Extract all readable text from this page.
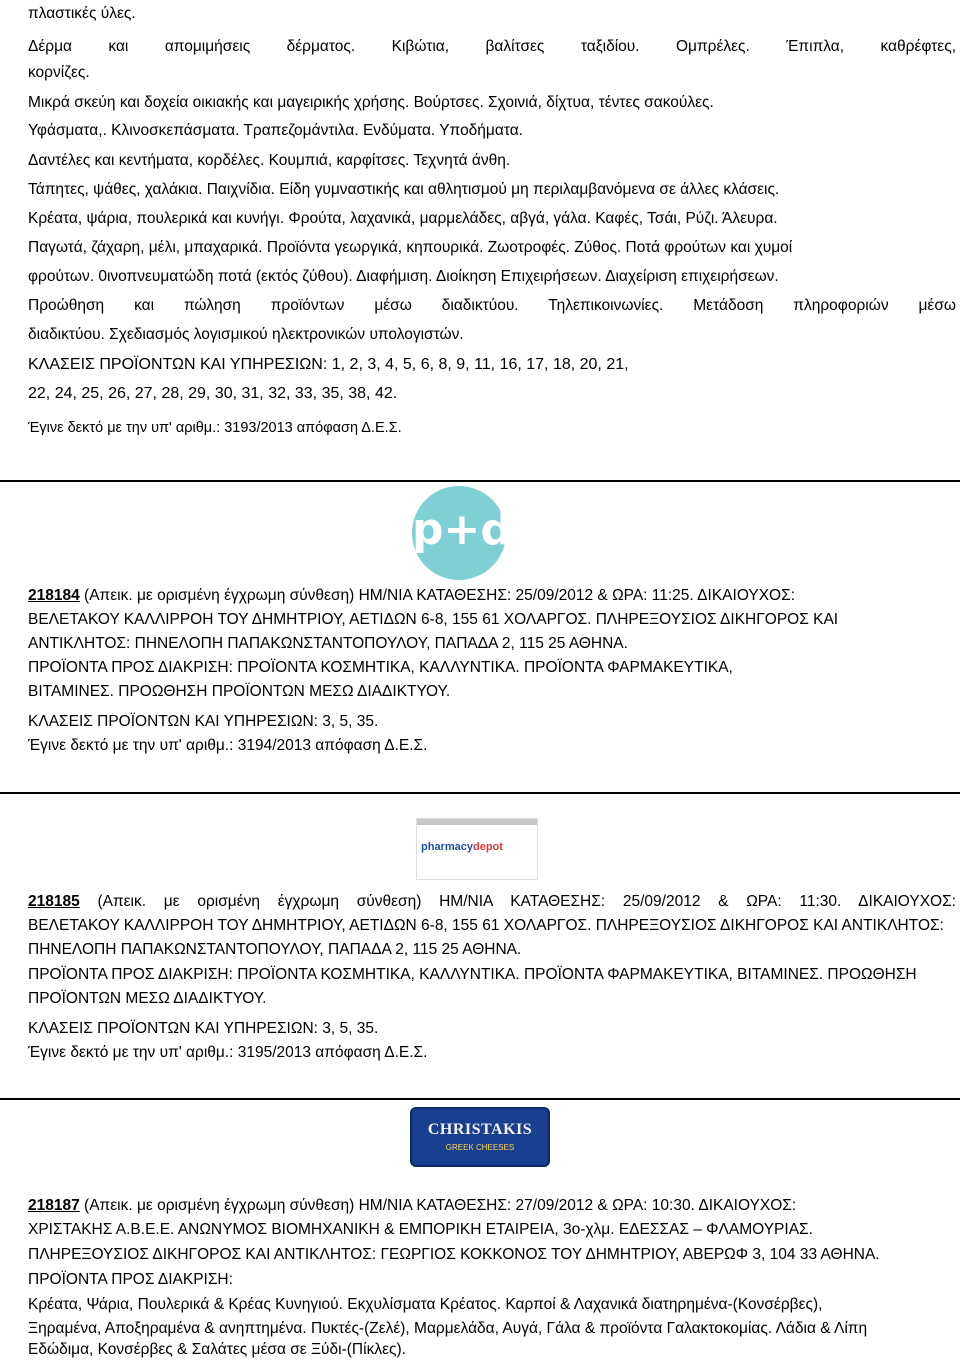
πλαστικές ύλες.
Δέρμα και απομιμήσεις δέρματος. Κιβώτια, βαλίτσες ταξιδίου. Ομπρέλες. Έπιπλα, καθρέφτες,
κορνίζες.
Μικρά σκεύη και δοχεία οικιακής και μαγειρικής χρήσης. Βούρτσες. Σχοινιά, δίχτυα, τέντες σακούλες.
Υφάσματα,. Κλινοσκεπάσματα. Τραπεζομάντιλα. Ενδύματα. Υποδήματα.
Δαντέλες και κεντήματα, κορδέλες. Κουμπιά, καρφίτσες. Τεχνητά άνθη.
Τάπητες, ψάθες, χαλάκια. Παιχνίδια. Είδη γυμναστικής και αθλητισμού μη περιλαμβανόμενα σε άλλες κλάσεις.
Κρέατα, ψάρια, πουλερικά και κυνήγι. Φρούτα, λαχανικά, μαρμελάδες, αβγά, γάλα. Καφές, Τσάι, Ρύζι. Άλευρα.
Παγωτά, ζάχαρη, μέλι, μπαχαρικά. Προϊόντα γεωργικά, κηπουρικά. Ζωοτροφές. Ζύθος. Ποτά φρούτων και χυμοί
φρούτων. 0ινοπνευματώδη ποτά (εκτός ζύθου). Διαφήμιση. Διοίκηση Επιχειρήσεων. Διαχείριση επιχειρήσεων.
Προώθηση και πώληση προϊόντων μέσω διαδικτύου. Τηλεπικοινωνίες. Μετάδοση πληροφοριών μέσω
διαδικτύου. Σχεδιασμός λογισμικού ηλεκτρονικών υπολογιστών.
ΚΛΑΣΕΙΣ ΠΡΟΪΟΝΤΩΝ ΚΑΙ ΥΠΗΡΕΣΙΩΝ: 1, 2, 3, 4, 5, 6, 8, 9, 11, 16, 17, 18, 20, 21,
22, 24, 25, 26, 27, 28, 29, 30, 31, 32, 33, 35, 38, 42.
Έγινε δεκτό με την υπ' αριθμ.: 3193/2013 απόφαση Δ.Ε.Σ.
p+d
218184 (Απεικ. με ορισμένη έγχρωμη σύνθεση) ΗΜ/ΝΙΑ ΚΑΤΑΘΕΣΗΣ: 25/09/2012 & ΩΡΑ: 11:25. ΔΙΚΑΙΟΥΧΟΣ:
ΒΕΛΕΤΑΚΟΥ ΚΑΛΛΙΡΡΟΗ ΤΟΥ ΔΗΜΗΤΡΙΟΥ, ΑΕΤΙΔΩΝ 6-8, 155 61 ΧΟΛΑΡΓΟΣ. ΠΛΗΡΕΞΟΥΣΙΟΣ ΔΙΚΗΓΟΡΟΣ ΚΑΙ
ΑΝΤΙΚΛΗΤΟΣ: ΠΗΝΕΛΟΠΗ ΠΑΠΑΚΩΝΣΤΑΝΤΟΠΟΥΛΟΥ, ΠΑΠΑΔΑ 2, 115 25 ΑΘΗΝΑ.
ΠΡΟΪΟΝΤΑ ΠΡΟΣ ΔΙΑΚΡΙΣΗ: ΠΡΟΪΟΝΤΑ ΚΟΣΜΗΤΙΚΑ, ΚΑΛΛΥΝΤΙΚΑ. ΠΡΟΪΟΝΤΑ ΦΑΡΜΑΚΕΥΤΙΚΑ,
ΒΙΤΑΜΙΝΕΣ. ΠΡΟΩΘΗΣΗ ΠΡΟΪΟΝΤΩΝ ΜΕΣΩ ΔΙΑΔΙΚΤΥΟΥ.
ΚΛΑΣΕΙΣ ΠΡΟΪΟΝΤΩΝ ΚΑΙ ΥΠΗΡΕΣΙΩΝ: 3, 5, 35.
Έγινε δεκτό με την υπ' αριθμ.: 3194/2013 απόφαση Δ.Ε.Σ.
pharmacydepot
218185 (Απεικ. με ορισμένη έγχρωμη σύνθεση) ΗΜ/ΝΙΑ ΚΑΤΑΘΕΣΗΣ: 25/09/2012 & ΩΡΑ: 11:30. ΔΙΚΑΙΟΥΧΟΣ:
ΒΕΛΕΤΑΚΟΥ ΚΑΛΛΙΡΡΟΗ ΤΟΥ ΔΗΜΗΤΡΙΟΥ, ΑΕΤΙΔΩΝ 6-8, 155 61 ΧΟΛΑΡΓΟΣ. ΠΛΗΡΕΞΟΥΣΙΟΣ ΔΙΚΗΓΟΡΟΣ ΚΑΙ ΑΝΤΙΚΛΗΤΟΣ:
ΠΗΝΕΛΟΠΗ ΠΑΠΑΚΩΝΣΤΑΝΤΟΠΟΥΛΟΥ, ΠΑΠΑΔΑ 2, 115 25 ΑΘΗΝΑ.
ΠΡΟΪΟΝΤΑ ΠΡΟΣ ΔΙΑΚΡΙΣΗ: ΠΡΟΪΟΝΤΑ ΚΟΣΜΗΤΙΚΑ, ΚΑΛΛΥΝΤΙΚΑ. ΠΡΟΪΟΝΤΑ ΦΑΡΜΑΚΕΥΤΙΚΑ, ΒΙΤΑΜΙΝΕΣ. ΠΡΟΩΘΗΣΗ
ΠΡΟΪΟΝΤΩΝ ΜΕΣΩ ΔΙΑΔΙΚΤΥΟΥ.
ΚΛΑΣΕΙΣ ΠΡΟΪΟΝΤΩΝ ΚΑΙ ΥΠΗΡΕΣΙΩΝ: 3, 5, 35.
Έγινε δεκτό με την υπ' αριθμ.: 3195/2013 απόφαση Δ.Ε.Σ.
CHRISTAKIS
GREEK CHEESES
218187 (Απεικ. με ορισμένη έγχρωμη σύνθεση) ΗΜ/ΝΙΑ ΚΑΤΑΘΕΣΗΣ: 27/09/2012 & ΩΡΑ: 10:30. ΔΙΚΑΙΟΥΧΟΣ:
ΧΡΙΣΤΑΚΗΣ Α.Β.Ε.Ε. ΑΝΩΝΥΜΟΣ ΒΙΟΜΗΧΑΝΙΚΗ & ΕΜΠΟΡΙΚΗ ΕΤΑΙΡΕΙΑ, 3ο-χλμ. ΕΔΕΣΣΑΣ – ΦΛΑΜΟΥΡΙΑΣ.
ΠΛΗΡΕΞΟΥΣΙΟΣ ΔΙΚΗΓΟΡΟΣ ΚΑΙ ΑΝΤΙΚΛΗΤΟΣ: ΓΕΩΡΓΙΟΣ ΚΟΚΚΟΝΟΣ ΤΟΥ ΔΗΜΗΤΡΙΟΥ, ΑΒΕΡΩΦ 3, 104 33 ΑΘΗΝΑ.
ΠΡΟΪΟΝΤΑ ΠΡΟΣ ΔΙΑΚΡΙΣΗ:
Κρέατα, Ψάρια, Πουλερικά & Κρέας Κυνηγιού. Εκχυλίσματα Κρέατος. Καρποί & Λαχανικά διατηρημένα-(Κονσέρβες),
Ξηραμένα, Αποξηραμένα & ανηπτημένα. Πυκτές-(Ζελέ), Μαρμελάδα, Αυγά, Γάλα & προϊόντα Γαλακτοκομίας. Λάδια & Λίπη
Εδώδιμα, Κονσέρβες & Σαλάτες μέσα σε Ξύδι-(Πίκλες).
